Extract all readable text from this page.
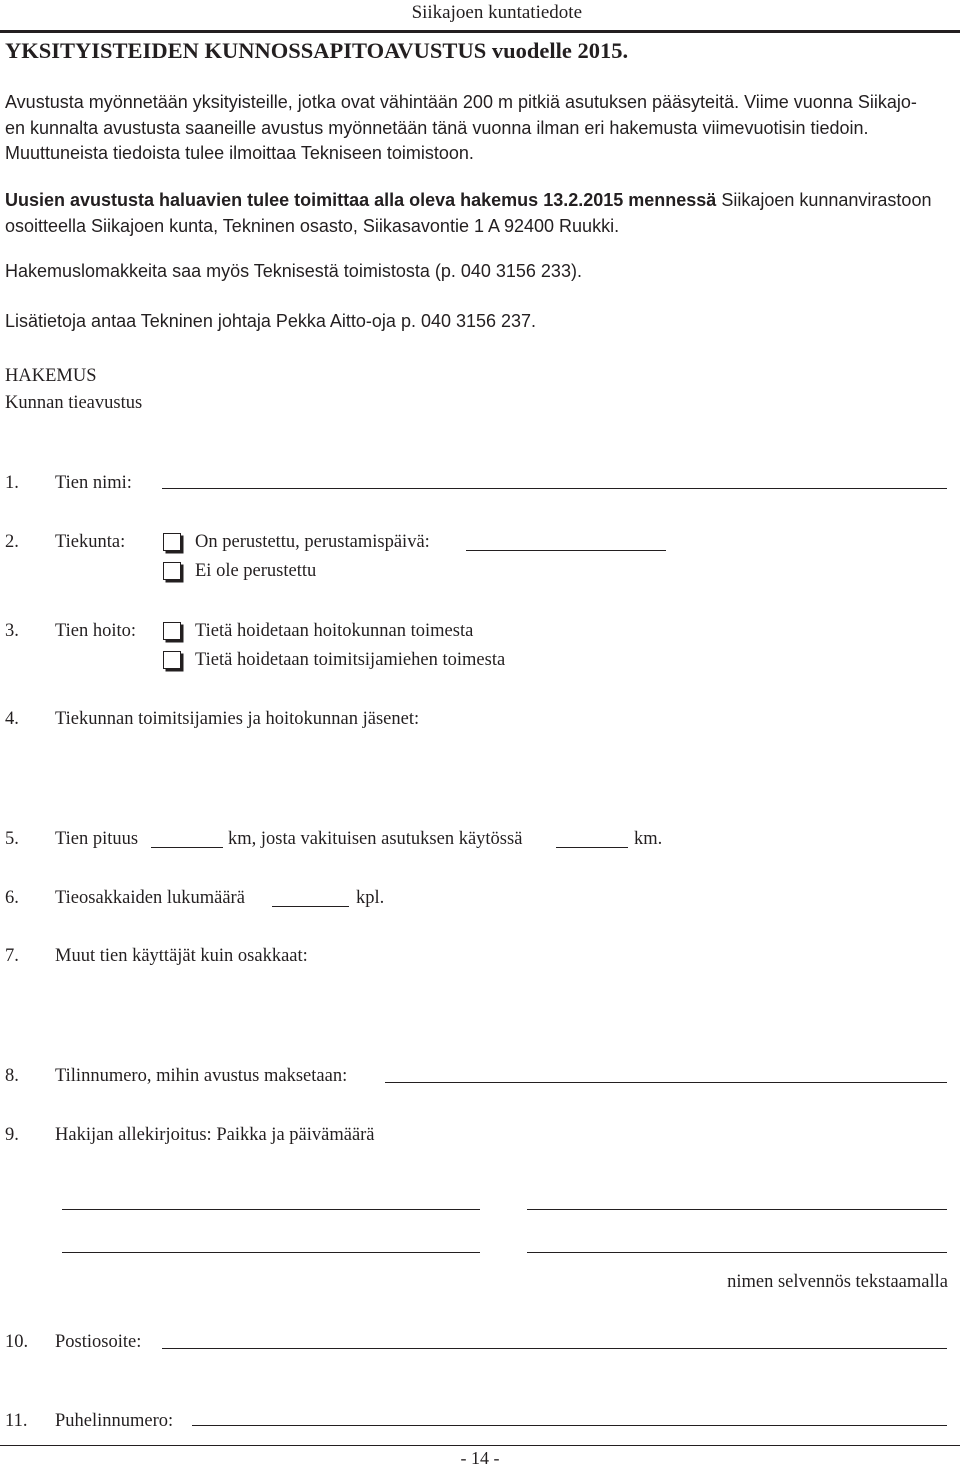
Siikajoen kuntatiedote
YKSITYISTEIDEN KUNNOSSAPITOAVUSTUS vuodelle 2015.
Avustusta myönnetään yksityisteille, jotka ovat vähintään 200 m pitkiä asutuksen pääsyteitä. Viime vuonna Siikajo-
en kunnalta avustusta saaneille avustus myönnetään tänä vuonna ilman eri hakemusta viimevuotisin tiedoin.
Muuttuneista tiedoista tulee ilmoittaa Tekniseen toimistoon.
Uusien avustusta haluavien tulee toimittaa alla oleva hakemus 13.2.2015 mennessä Siikajoen kunnanvirastoon
osoitteella Siikajoen kunta, Tekninen osasto, Siikasavontie 1 A 92400 Ruukki.
Hakemuslomakkeita saa myös Teknisestä toimistosta (p. 040 3156 233).
Lisätietoja antaa Tekninen johtaja Pekka Aitto-oja p. 040 3156 237.
HAKEMUS
Kunnan tieavustus
1. Tien nimi:
2. Tiekunta:	On perustettu, perustamispäivä:
Ei ole perustettu
3. Tien hoito:	Tietä hoidetaan hoitokunnan toimesta
Tietä hoidetaan toimitsijamiehen toimesta
4. Tiekunnan toimitsijamies ja hoitokunnan jäsenet:
5. Tien pituus	km, josta vakituisen asutuksen käytössä	km.
6. Tieosakkaiden lukumäärä	kpl.
7. Muut tien käyttäjät kuin osakkaat:
8. Tilinnumero, mihin avustus maksetaan:
9. Hakijan allekirjoitus: Paikka ja päivämäärä
nimen selvennös tekstaamalla
10. Postiosoite:
11. Puhelinnumero:
- 14 -
